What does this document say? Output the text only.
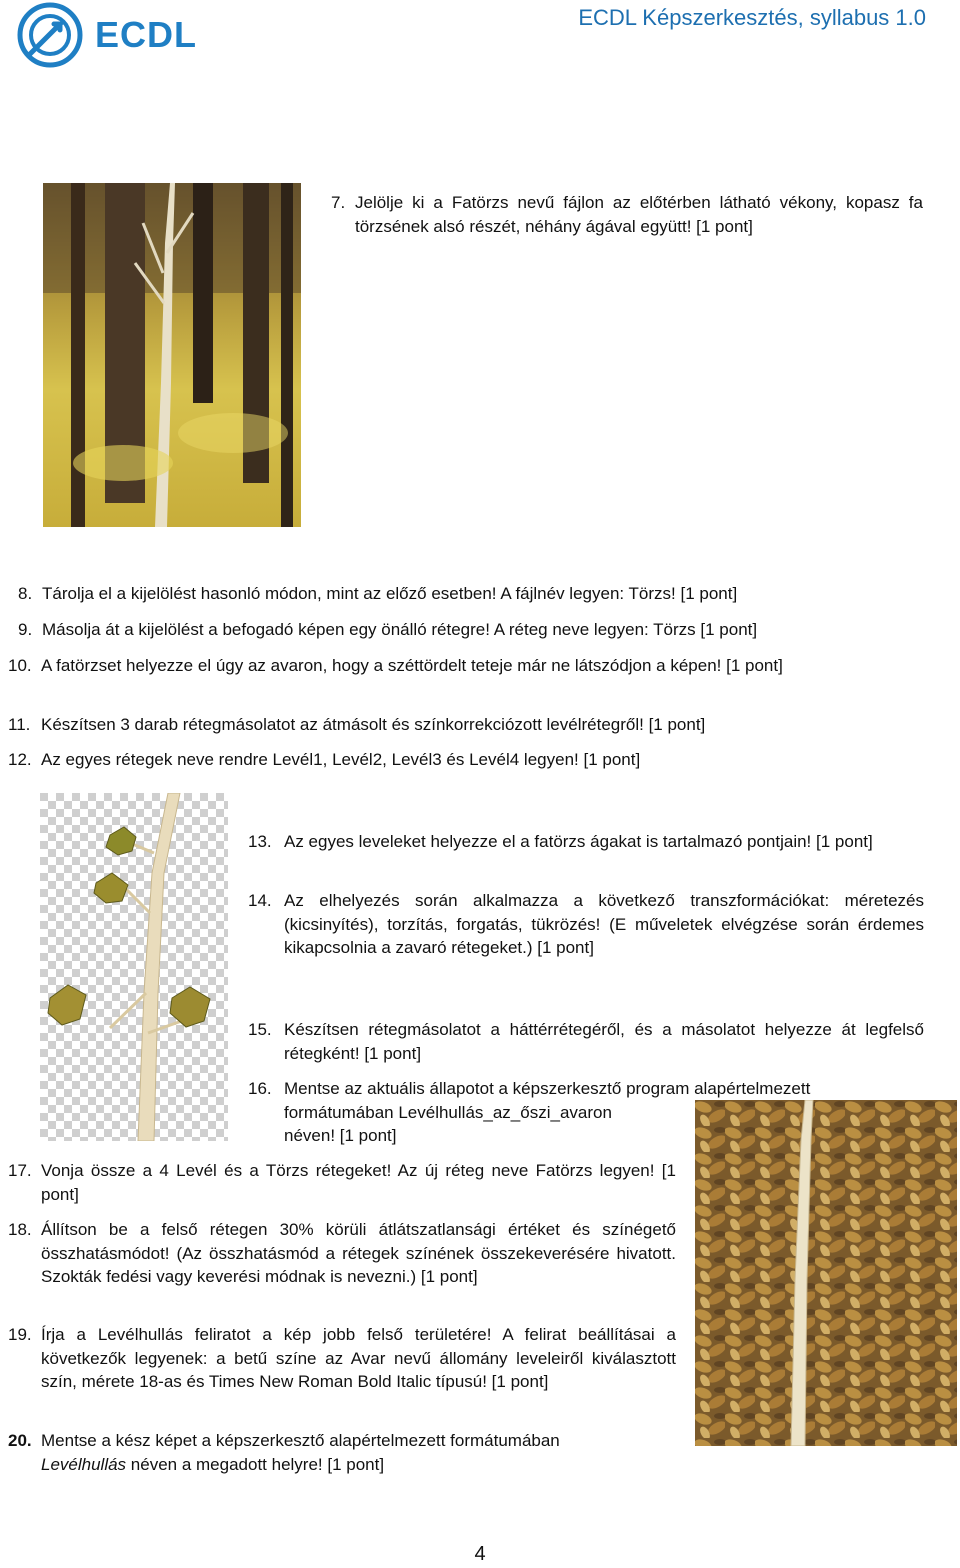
ECDL	ECDL Képszerkesztés, syllabus 1.0
7. Jelölje ki a Fatörzs nevű fájlon az előtérben látható vékony, kopasz fa törzsének alsó részét, néhány ágával együtt! [1 pont]
8. Tárolja el a kijelölést hasonló módon, mint az előző esetben! A fájlnév legyen: Törzs! [1 pont]
9. Másolja át a kijelölést a befogadó képen egy önálló rétegre! A réteg neve legyen: Törzs [1 pont]
10. A fatörzset helyezze el úgy az avaron, hogy a széttördelt teteje már ne látszódjon a képen! [1 pont]
11. Készítsen 3 darab rétegmásolatot az átmásolt és színkorrekciózott levélrétegről! [1 pont]
12. Az egyes rétegek neve rendre Levél1, Levél2, Levél3 és Levél4 legyen! [1 pont]
13. Az egyes leveleket helyezze el a fatörzs ágakat is tartalmazó pontjain! [1 pont]
14. Az elhelyezés során alkalmazza a következő transzformációkat: méretezés (kicsinyítés), torzítás, forgatás, tükrözés! (E műveletek elvégzése során érdemes kikapcsolnia a zavaró rétegeket.) [1 pont]
15. Készítsen rétegmásolatot a háttérrétegéről, és a másolatot helyezze át legfelső rétegként! [1 pont]
16. Mentse az aktuális állapotot a képszerkesztő program alapértelmezett
formátumában Levélhullás_az_őszi_avaron
néven! [1 pont]
17. Vonja össze a 4 Levél és a Törzs rétegeket! Az új réteg neve Fatörzs legyen! [1 pont]
18. Állítson be a felső rétegen 30% körüli átlátszatlansági értéket és színégető összhatásmódot! (Az összhatásmód a rétegek színének összekeverésére hivatott. Szokták fedési vagy keverési módnak is nevezni.) [1 pont]
19. Írja a Levélhullás feliratot a kép jobb felső területére! A felirat beállításai a következők legyenek: a betű színe az Avar nevű állomány leveleiről kiválasztott szín, mérete 18-as és Times New Roman Bold Italic típusú! [1 pont]
20. Mentse a kész képet a képszerkesztő alapértelmezett formátumában
Levélhullás néven a megadott helyre! [1 pont]
4
